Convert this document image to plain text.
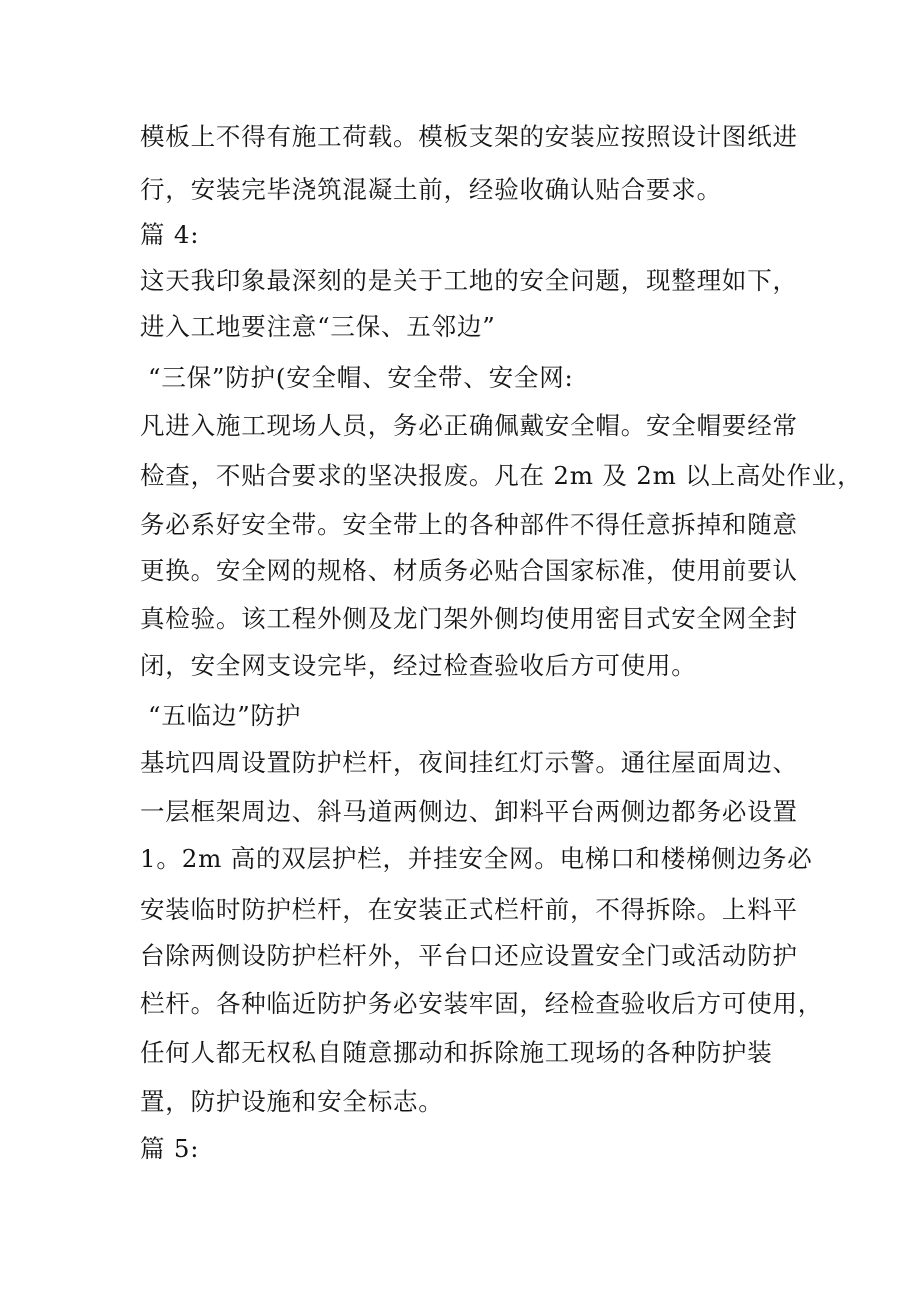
模板上不得有施工荷载。模板支架的安装应按照设计图纸进
行，安装完毕浇筑混凝土前，经验收确认贴合要求。
篇 4:
这天我印象最深刻的是关于工地的安全问题，现整理如下，
进入工地要注意“三保、五邻边”
“三保”防护(安全帽、安全带、安全网:
凡进入施工现场人员，务必正确佩戴安全帽。安全帽要经常
检查，不贴合要求的坚决报废。凡在 2m 及 2m 以上高处作业，
务必系好安全带。安全带上的各种部件不得任意拆掉和随意
更换。安全网的规格、材质务必贴合国家标准，使用前要认
真检验。该工程外侧及龙门架外侧均使用密目式安全网全封
闭，安全网支设完毕，经过检查验收后方可使用。
“五临边”防护
基坑四周设置防护栏杆，夜间挂红灯示警。通往屋面周边、
一层框架周边、斜马道两侧边、卸料平台两侧边都务必设置
1。2m 高的双层护栏，并挂安全网。电梯口和楼梯侧边务必
安装临时防护栏杆，在安装正式栏杆前，不得拆除。上料平
台除两侧设防护栏杆外，平台口还应设置安全门或活动防护
栏杆。各种临近防护务必安装牢固，经检查验收后方可使用，
任何人都无权私自随意挪动和拆除施工现场的各种防护装
置，防护设施和安全标志。
篇 5:
